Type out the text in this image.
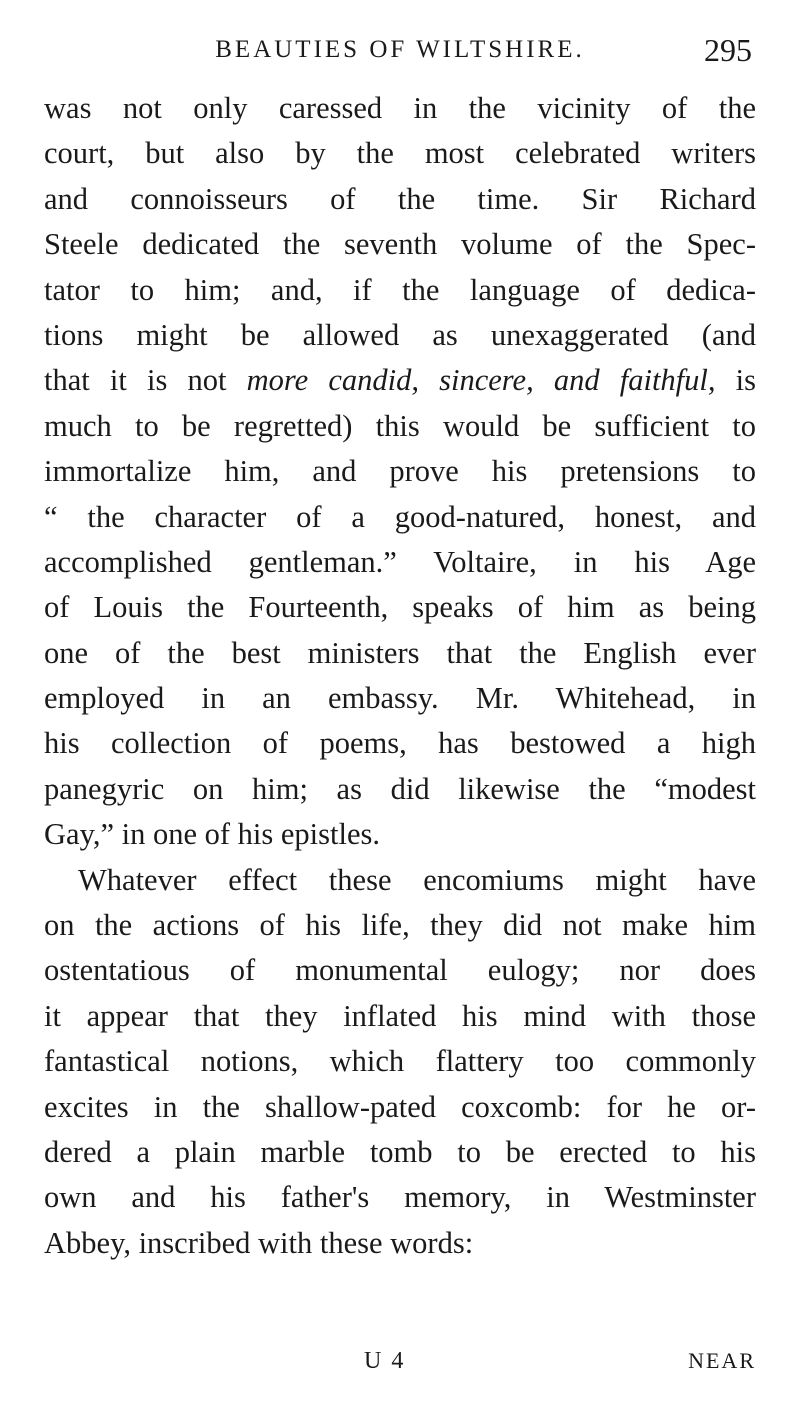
BEAUTIES OF WILTSHIRE.	295
was not only caressed in the vicinity of the
court, but also by the most celebrated writers
and connoisseurs of the time. Sir Richard
Steele dedicated the seventh volume of the Spec-
tator to him; and, if the language of dedica-
tions might be allowed as unexaggerated (and
that it is not more candid, sincere, and faithful, is
much to be regretted) this would be sufficient to
immortalize him, and prove his pretensions to
“ the character of a good-natured, honest, and
accomplished gentleman.” Voltaire, in his Age
of Louis the Fourteenth, speaks of him as being
one of the best ministers that the English ever
employed in an embassy. Mr. Whitehead, in
his collection of poems, has bestowed a high
panegyric on him; as did likewise the “modest
Gay,” in one of his epistles.
Whatever effect these encomiums might have
on the actions of his life, they did not make him
ostentatious of monumental eulogy; nor does
it appear that they inflated his mind with those
fantastical notions, which flattery too commonly
excites in the shallow-pated coxcomb: for he or-
dered a plain marble tomb to be erected to his
own and his father's memory, in Westminster
Abbey, inscribed with these words:
U 4	NEAR
